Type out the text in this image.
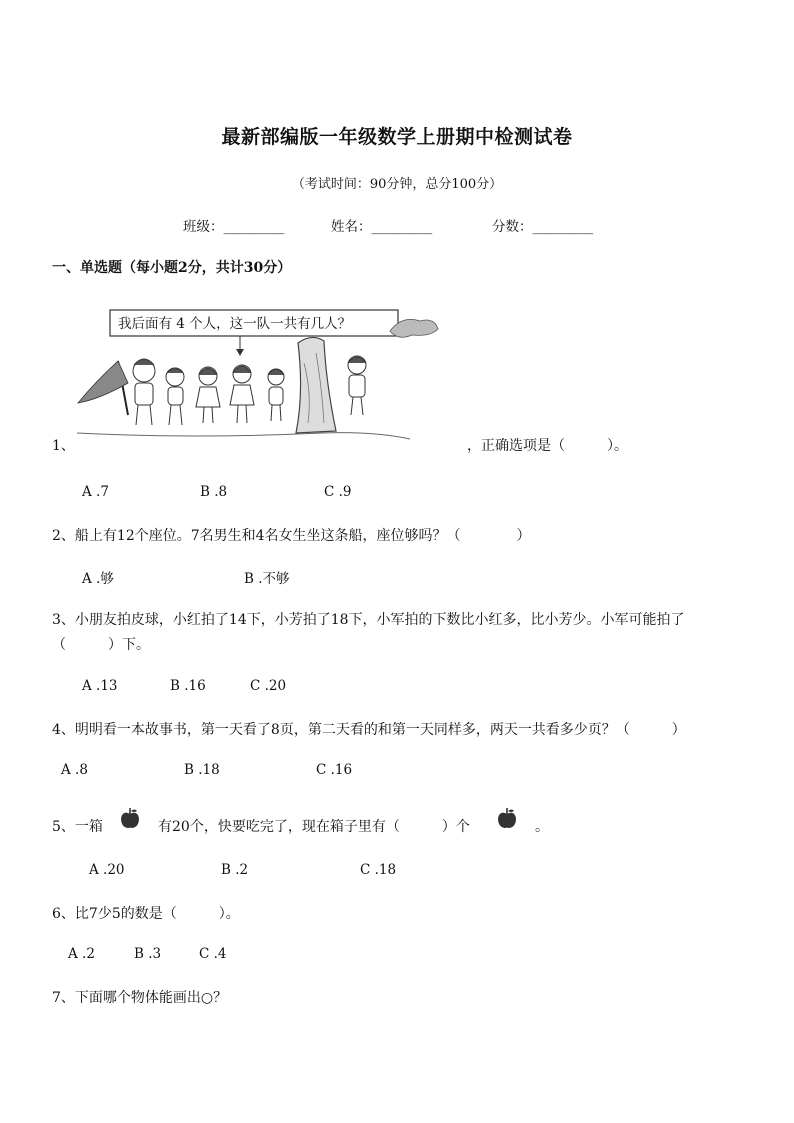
最新部编版一年级数学上册期中检测试卷
（考试时间：90分钟，总分100分）
班级：_________	姓名：_________	分数：_________
一、单选题（每小题2分，共计30分）
我后面有 4 个人，这一队一共有几人？
1、	，正确选项是（　　　）。
A .7	B .8	C .9
2、船上有12个座位。7名男生和4名女生坐这条船，座位够吗？（　　　　）
A .够	B .不够
3、小朋友拍皮球，小红拍了14下，小芳拍了18下，小军拍的下数比小红多，比小芳少。小军可能拍了
（　　　）下。
A .13	B .16	C .20
4、明明看一本故事书，第一天看了8页，第二天看的和第一天同样多，两天一共看多少页？（　　　）
A .8	B .18	C .16
5、一箱	有20个，快要吃完了，现在箱子里有（　　　）个	。
A .20	B .2	C .18
6、比7少5的数是（　　　）。
A .2	B .3	C .4
7、下面哪个物体能画出○？
